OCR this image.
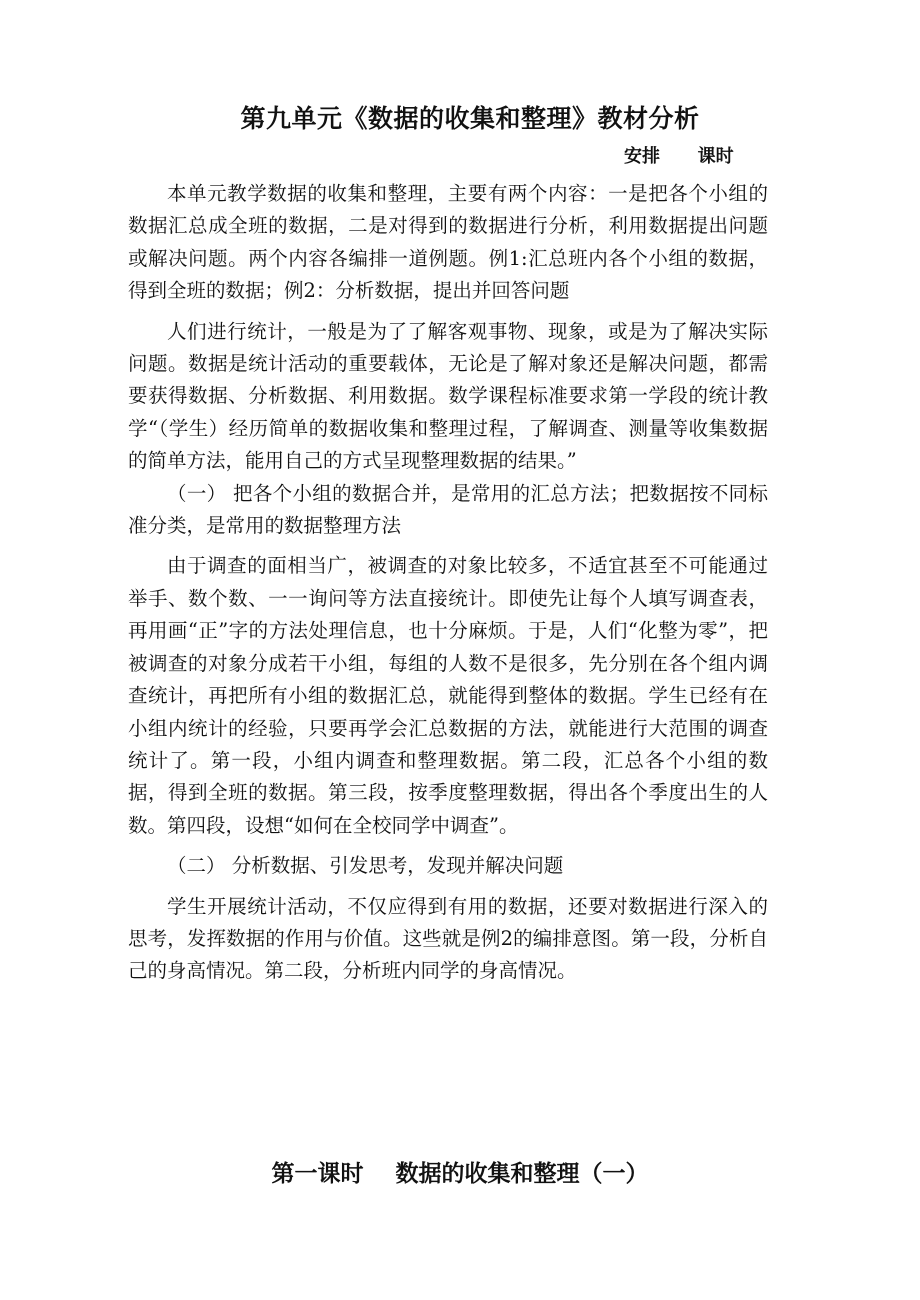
第九单元《数据的收集和整理》教材分析
安排      课时

本单元教学数据的收集和整理，主要有两个内容：一是把各个小组的数据汇总成全班的数据，二是对得到的数据进行分析，利用数据提出问题或解决问题。两个内容各编排一道例题。例1:汇总班内各个小组的数据，得到全班的数据；例2：分析数据，提出并回答问题

人们进行统计，一般是为了了解客观事物、现象，或是为了解决实际问题。数据是统计活动的重要载体，无论是了解对象还是解决问题，都需要获得数据、分析数据、利用数据。数学课程标准要求第一学段的统计教学“（学生）经历简单的数据收集和整理过程，了解调查、测量等收集数据的简单方法，能用自己的方式呈现整理数据的结果。”

（一） 把各个小组的数据合并，是常用的汇总方法；把数据按不同标准分类，是常用的数据整理方法

由于调查的面相当广，被调查的对象比较多，不适宜甚至不可能通过举手、数个数、一一询问等方法直接统计。即使先让每个人填写调查表，再用画“正”字的方法处理信息，也十分麻烦。于是，人们“化整为零”，把被调查的对象分成若干小组，每组的人数不是很多，先分别在各个组内调查统计，再把所有小组的数据汇总，就能得到整体的数据。学生已经有在小组内统计的经验，只要再学会汇总数据的方法，就能进行大范围的调查统计了。第一段，小组内调查和整理数据。第二段，汇总各个小组的数据，得到全班的数据。第三段，按季度整理数据，得出各个季度出生的人数。第四段，设想“如何在全校同学中调查”。

（二） 分析数据、引发思考，发现并解决问题

学生开展统计活动，不仅应得到有用的数据，还要对数据进行深入的思考，发挥数据的作用与价值。这些就是例2的编排意图。第一段，分析自己的身高情况。第二段，分析班内同学的身高情况。

第一课时    数据的收集和整理（一）
